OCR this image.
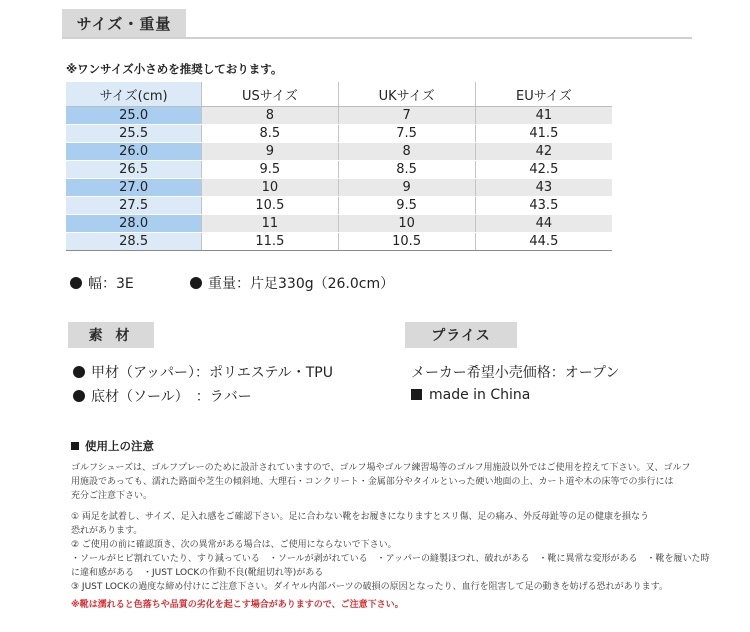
サイズ・重量
※ワンサイズ小さめを推奨しております。
サイズ(cm)	USサイズ	UKサイズ	EUサイズ
25.0	8	7	41
25.5	8.5	7.5	41.5
26.0	9	8	42
26.5	9.5	8.5	42.5
27.0	10	9	43
27.5	10.5	9.5	43.5
28.0	11	10	44
28.5	11.5	10.5	44.5
幅：3E	重量：片足330g（26.0cm）
素 材	プライス
甲材（アッパー）：ポリエステル・TPU
底材（ソール）　：ラバー
メーカー希望小売価格：オープン
made in China
使用上の注意
ゴルフシューズは、ゴルフプレーのために設計されていますので、ゴルフ場やゴルフ練習場等のゴルフ用施設以外ではご使用を控えて下さい。又、ゴルフ
用施設であっても、濡れた路面や芝生の傾斜地、大理石・コンクリート・金属部分やタイルといった硬い地面の上、カート道や木の床等での歩行には
充分ご注意下さい。
① 両足を試着し、サイズ、足入れ感をご確認下さい。足に合わない靴をお履きになりますとスリ傷、足の痛み、外反母趾等の足の健康を損なう
恐れがあります。
② ご使用の前に確認頂き、次の異常がある場合は、ご使用にならないで下さい。
・ソールがヒビ割れていたり、すり減っている　・ソールが剥がれている　・アッパーの縫製ほつれ、破れがある　・靴に異常な変形がある　・靴を履いた時
に違和感がある　・JUST LOCKの作動不良(靴紐切れ等)がある
③ JUST LOCKの過度な締め付けにご注意下さい。ダイヤル内部パーツの破損の原因となったり、血行を阻害して足の動きを妨げる恐れがあります。
※靴は濡れると色落ちや品質の劣化を起こす場合がありますので、ご注意下さい。
